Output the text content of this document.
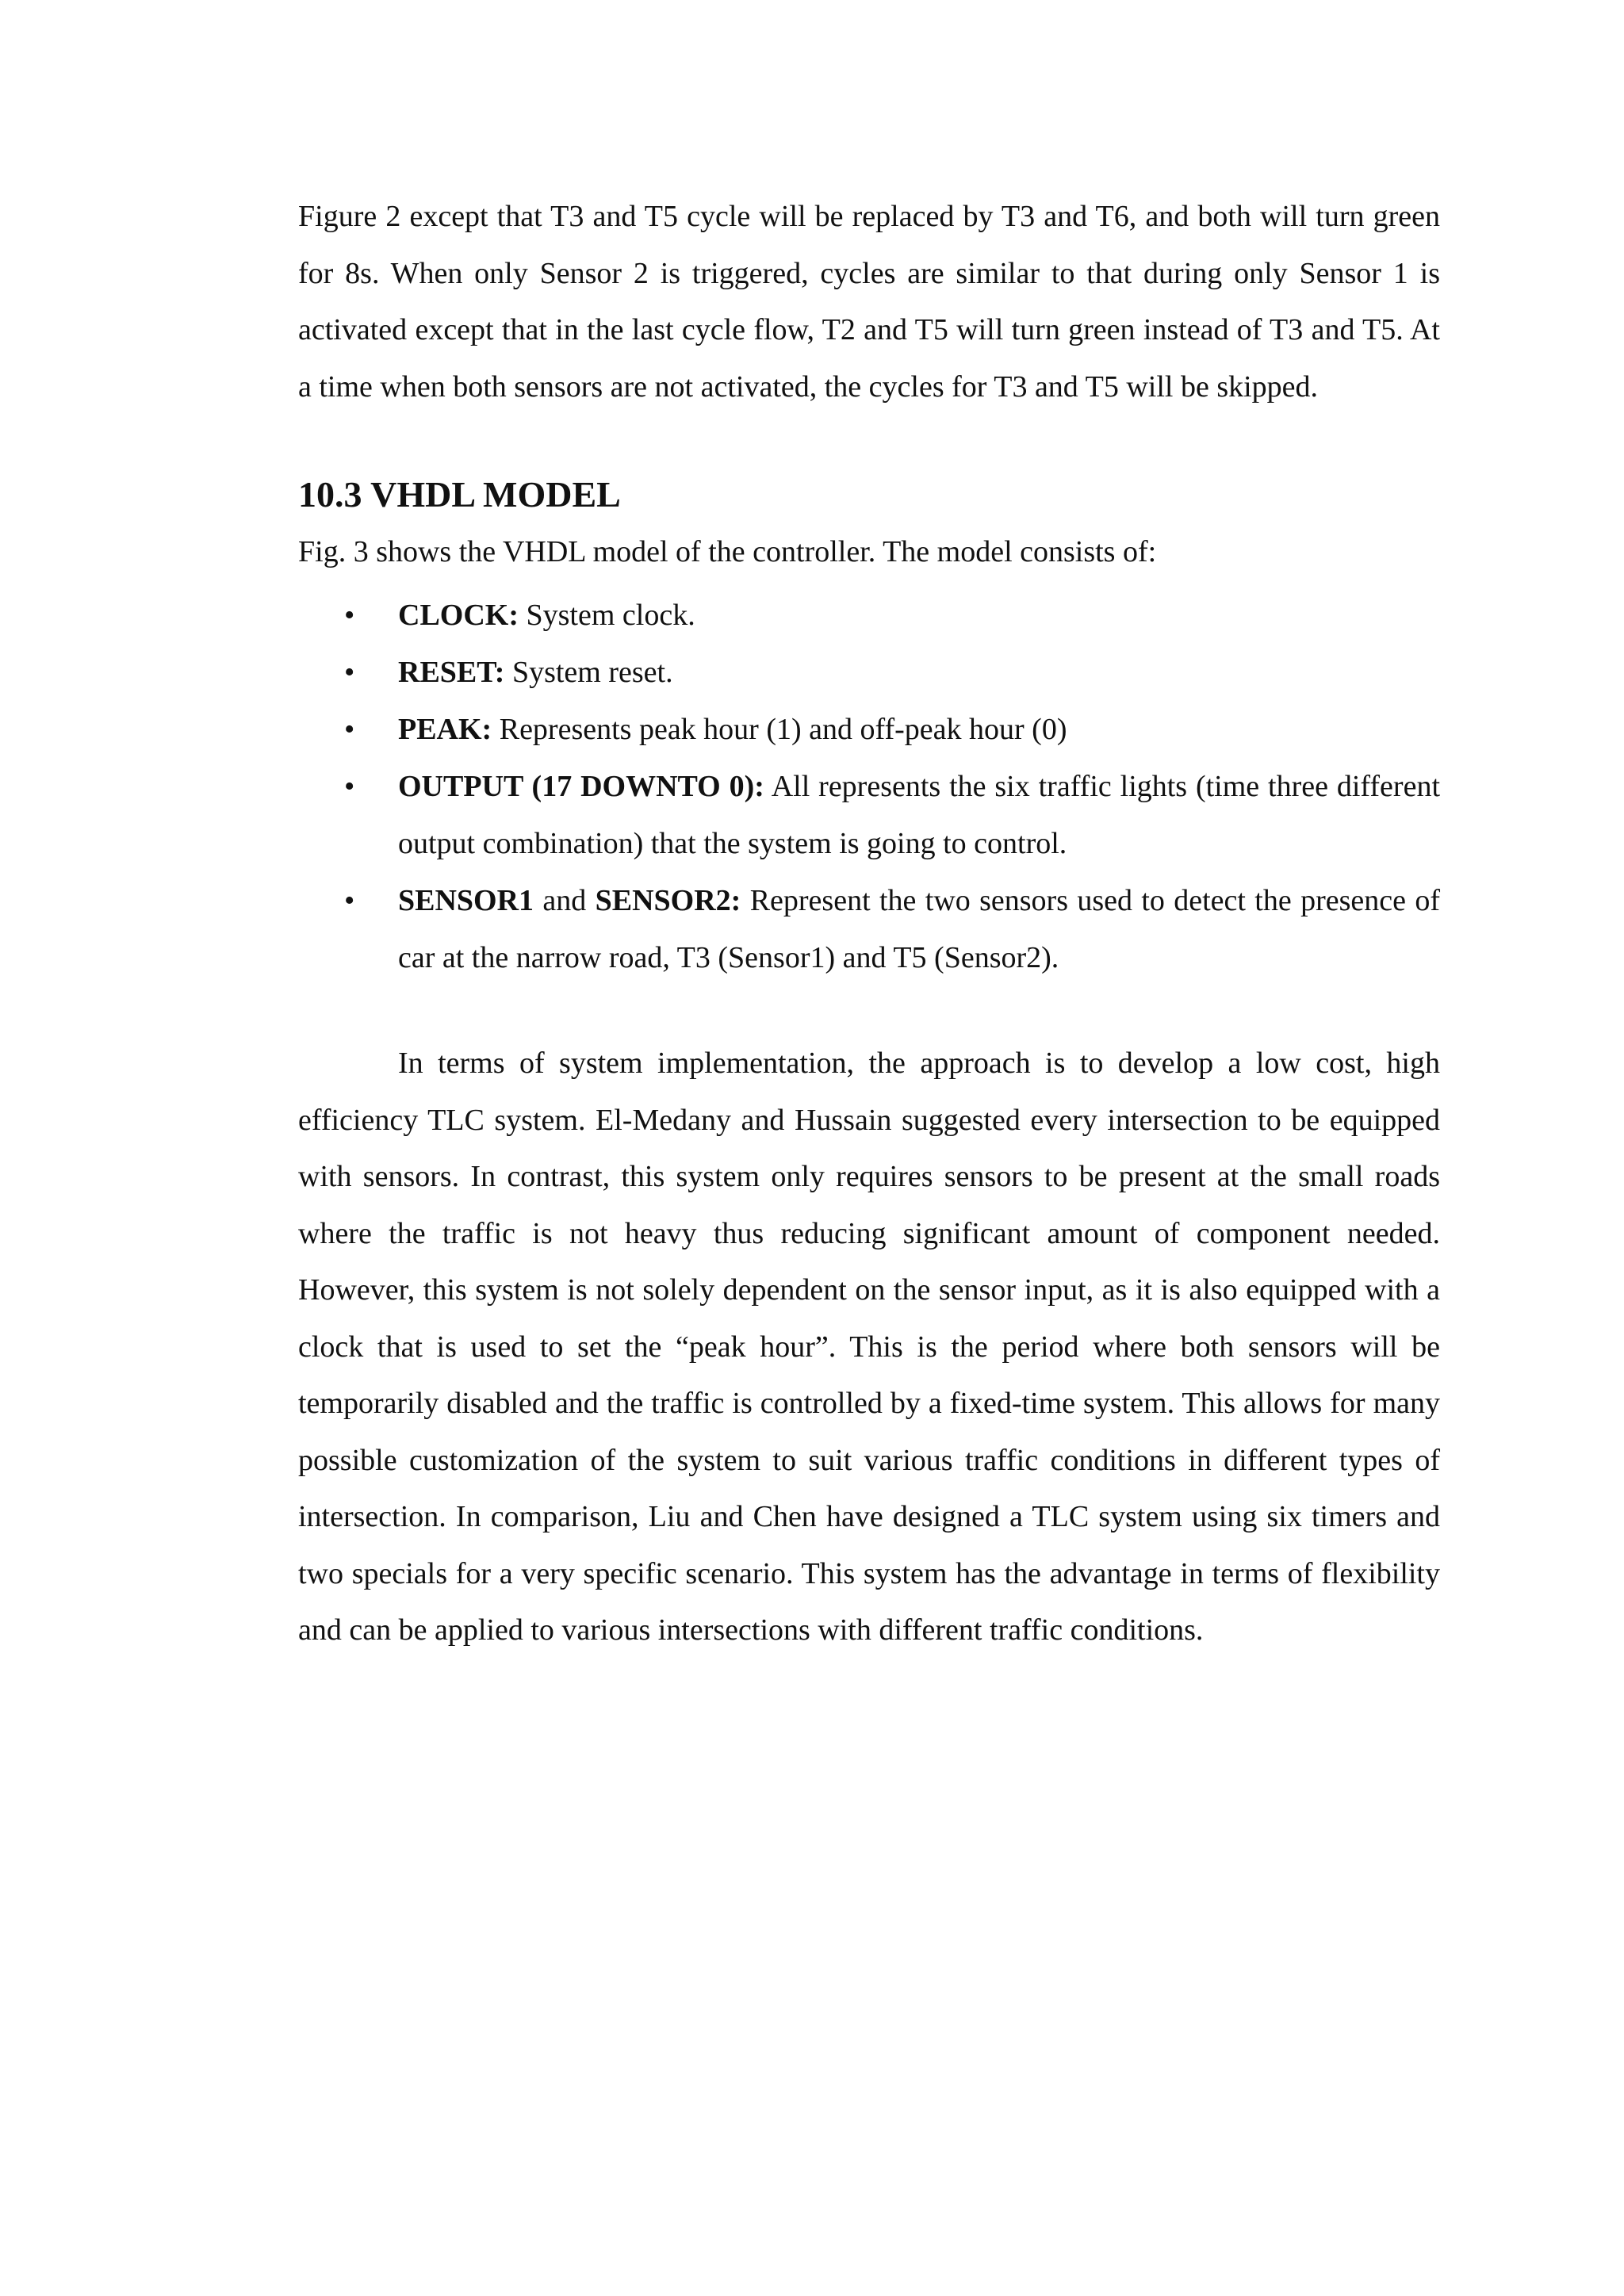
Figure 2 except that T3 and T5 cycle will be replaced by T3 and T6, and both will turn green for 8s. When only Sensor 2 is triggered, cycles are similar to that during only Sensor 1 is activated except that in the last cycle flow, T2 and T5 will turn green instead of T3 and T5. At a time when both sensors are not activated, the cycles for T3 and T5 will be skipped.

10.3 VHDL MODEL

Fig. 3 shows the VHDL model of the controller. The model consists of:

• CLOCK: System clock.
• RESET: System reset.
• PEAK: Represents peak hour (1) and off-peak hour (0)
• OUTPUT (17 DOWNTO 0): All represents the six traffic lights (time three different output combination) that the system is going to control.
• SENSOR1 and SENSOR2: Represent the two sensors used to detect the presence of car at the narrow road, T3 (Sensor1) and T5 (Sensor2).

In terms of system implementation, the approach is to develop a low cost, high efficiency TLC system. El-Medany and Hussain suggested every intersection to be equipped with sensors. In contrast, this system only requires sensors to be present at the small roads where the traffic is not heavy thus reducing significant amount of component needed. However, this system is not solely dependent on the sensor input, as it is also equipped with a clock that is used to set the “peak hour”. This is the period where both sensors will be temporarily disabled and the traffic is controlled by a fixed-time system. This allows for many possible customization of the system to suit various traffic conditions in different types of intersection. In comparison, Liu and Chen have designed a TLC system using six timers and two specials for a very specific scenario. This system has the advantage in terms of flexibility and can be applied to various intersections with different traffic conditions.
